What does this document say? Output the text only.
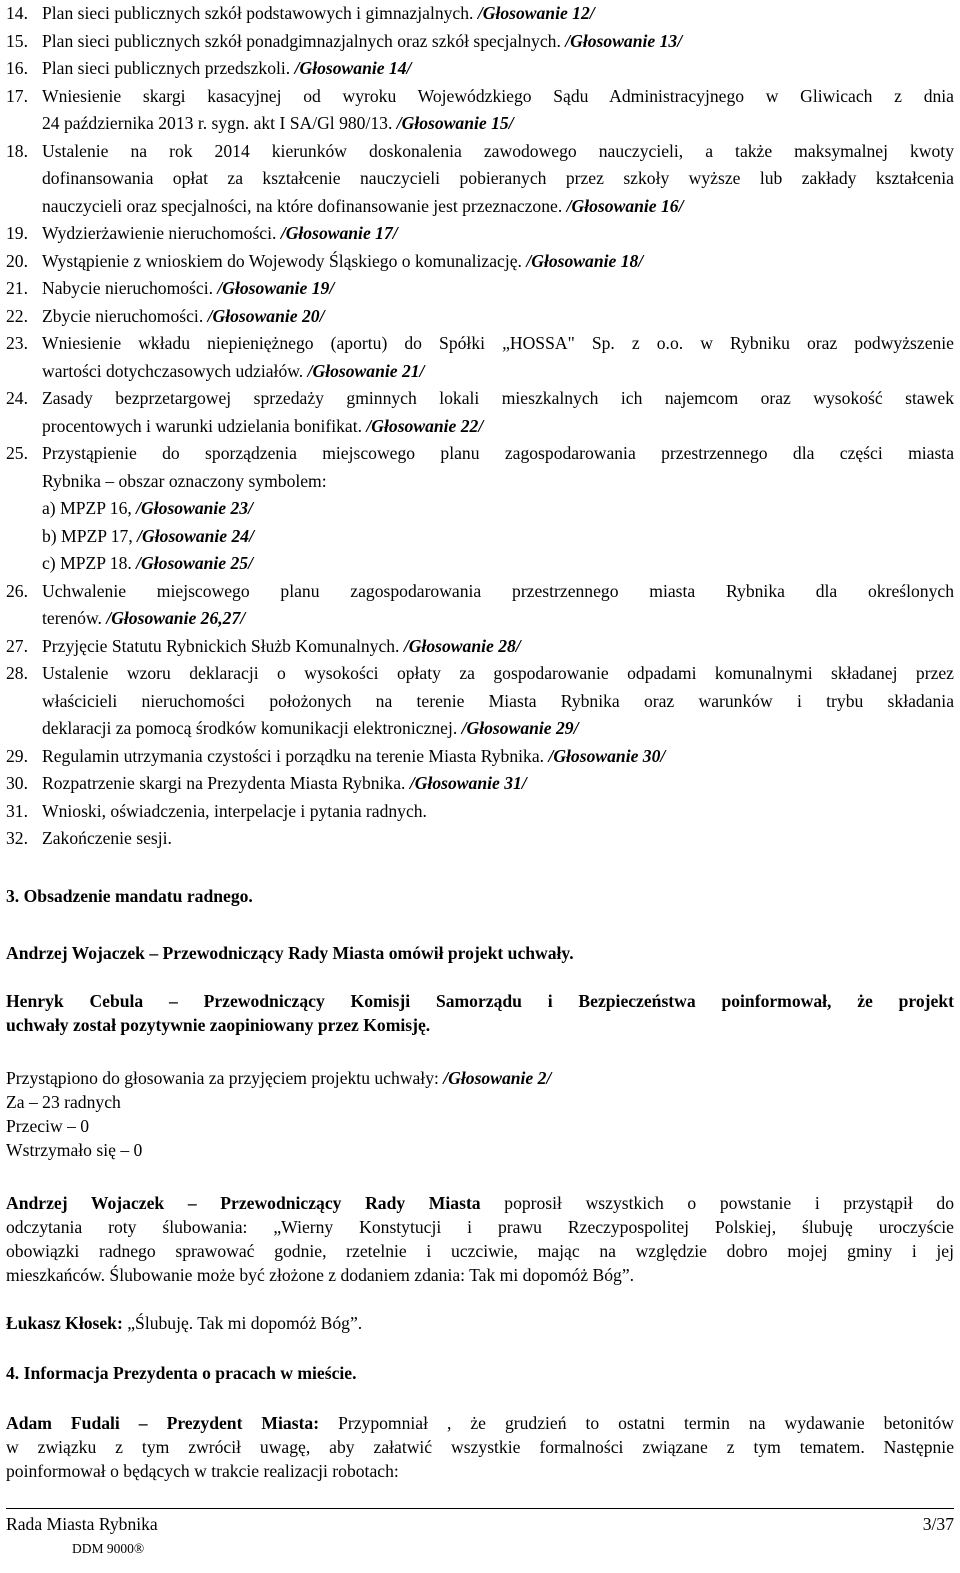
14. Plan sieci publicznych szkół podstawowych i gimnazjalnych. /Głosowanie 12/
15. Plan sieci publicznych szkół ponadgimnazjalnych oraz szkół specjalnych. /Głosowanie 13/
16. Plan sieci publicznych przedszkoli. /Głosowanie 14/
17. Wniesienie skargi kasacyjnej od wyroku Wojewódzkiego Sądu Administracyjnego w Gliwicach z dnia
24 października 2013 r. sygn. akt I SA/Gl 980/13. /Głosowanie 15/
18. Ustalenie na rok 2014 kierunków doskonalenia zawodowego nauczycieli, a także maksymalnej kwoty
dofinansowania opłat za kształcenie nauczycieli pobieranych przez szkoły wyższe lub zakłady kształcenia
nauczycieli oraz specjalności, na które dofinansowanie jest przeznaczone. /Głosowanie 16/
19. Wydzierżawienie nieruchomości. /Głosowanie 17/
20. Wystąpienie z wnioskiem do Wojewody Śląskiego o komunalizację. /Głosowanie 18/
21. Nabycie nieruchomości. /Głosowanie 19/
22. Zbycie nieruchomości. /Głosowanie 20/
23. Wniesienie wkładu niepieniężnego (aportu) do Spółki „HOSSA" Sp. z o.o. w Rybniku oraz podwyższenie
wartości dotychczasowych udziałów. /Głosowanie 21/
24. Zasady bezprzetargowej sprzedaży gminnych lokali mieszkalnych ich najemcom oraz wysokość stawek
procentowych i warunki udzielania bonifikat. /Głosowanie 22/
25. Przystąpienie do sporządzenia miejscowego planu zagospodarowania przestrzennego dla części miasta
Rybnika – obszar oznaczony symbolem:
a) MPZP 16, /Głosowanie 23/
b) MPZP 17, /Głosowanie 24/
c) MPZP 18. /Głosowanie 25/
26. Uchwalenie miejscowego planu zagospodarowania przestrzennego miasta Rybnika dla określonych
terenów. /Głosowanie 26,27/
27. Przyjęcie Statutu Rybnickich Służb Komunalnych. /Głosowanie 28/
28. Ustalenie wzoru deklaracji o wysokości opłaty za gospodarowanie odpadami komunalnymi składanej przez
właścicieli nieruchomości położonych na terenie Miasta Rybnika oraz warunków i trybu składania
deklaracji za pomocą środków komunikacji elektronicznej. /Głosowanie 29/
29. Regulamin utrzymania czystości i porządku na terenie Miasta Rybnika. /Głosowanie 30/
30. Rozpatrzenie skargi na Prezydenta Miasta Rybnika. /Głosowanie 31/
31. Wnioski, oświadczenia, interpelacje i pytania radnych.
32. Zakończenie sesji.
3. Obsadzenie mandatu radnego.
Andrzej Wojaczek – Przewodniczący Rady Miasta omówił projekt uchwały.
Henryk Cebula – Przewodniczący Komisji Samorządu i Bezpieczeństwa poinformował, że projekt
uchwały został pozytywnie zaopiniowany przez Komisję.
Przystąpiono do głosowania za przyjęciem projektu uchwały: /Głosowanie 2/
Za – 23 radnych
Przeciw – 0
Wstrzymało się – 0
Andrzej Wojaczek – Przewodniczący Rady Miasta poprosił wszystkich o powstanie i przystąpił do
odczytania roty ślubowania: „Wierny Konstytucji i prawu Rzeczypospolitej Polskiej, ślubuję uroczyście
obowiązki radnego sprawować godnie, rzetelnie i uczciwie, mając na względzie dobro mojej gminy i jej
mieszkańców. Ślubowanie może być złożone z dodaniem zdania: Tak mi dopomóż Bóg”.
Łukasz Kłosek: „Ślubuję. Tak mi dopomóż Bóg”.
4. Informacja Prezydenta o pracach w mieście.
Adam Fudali – Prezydent Miasta: Przypomniał , że grudzień to ostatni termin na wydawanie betonitów
w związku z tym zwrócił uwagę, aby załatwić wszystkie formalności związane z tym tematem. Następnie
poinformował o będących w trakcie realizacji robotach:
Rada Miasta Rybnika	3/37
DDM 9000®
